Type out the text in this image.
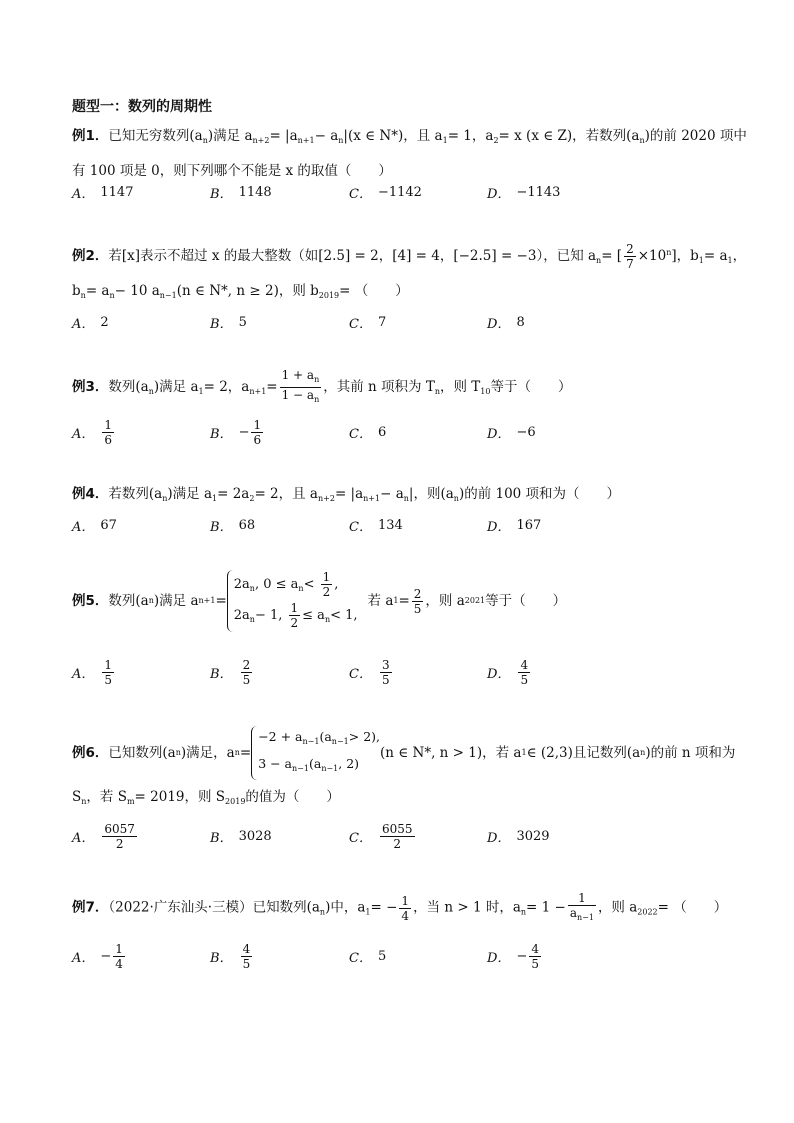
题型一：数列的周期性
例1．已知无穷数列$(a_n)$满足 $a_{n+2}= |a_{n+1}- a_n|(x$ ∈ N*)，且 $a_1= 1$，$a_2= x$ (x ∈ Z)，若数列$(a_n)$的前 2020 项中
有 100 项是 0，则下列哪个不能是 x 的取值（　　）
A． 1147	B． 1148	C． −1142	D． −1143
例2．若[x]表示不超过 x 的最大整数（如[2.5] = 2，[4] = 4，[−2.5] = −3），已知 $a_n=$ [ $\frac{2}{7} \times 10^n$]，$b_1= a_1$，
$b_n= a_n- 10$ $a_{n-1}(n$ ∈ N*, n ≥ 2)，则 $b_{2019}=$ （　　）
A． 2	B． 5	C． 7	D． 8
例3．数列$(a_n)$满足 $a_1= 2$，$a_{n+1}= \frac{1 + a_n}{1 - a_n}$ ，其前 n 项积为 $T_n$，则 $T_{10}$等于（　　）
A． $\frac{1}{6}$	B． − $\frac{1}{6}$	C． 6	D． −6
例4．若数列$(a_n)$满足 $a_1= 2a_2= 2$，且 $a_{n+2}= |a_{n+1}- a_n|$，则$(a_n)$的前 100 项和为（　　）
A． 67	B． 68	C． 134	D． 167
例5． 数列(a n )满足 a n+1 =
$2a_n$, $0 \le a_n< \frac{1}{2}$ ,
$2a_n- 1$, $\frac{1}{2} \le a_n< 1$,
若 a $1 = \frac{2}{5}$ ，则 a 2021 等于（　　）
A． $\frac{1}{5}$	B． $\frac{2}{5}$	C． $\frac{3}{5}$	D． $\frac{4}{5}$
例6． 已知数列(a n )满足，a n =
$-2 + a_{n-1}(a_{n-1}> 2)$,
$3 - a_{n-1}(a_{n-1}$, 2)
(n ∈ N*, n > 1)，若 a 1 ∈ (2,3)且记数列(a n )的前 n 项和为
$S_n$，若 $S_m= 2019$，则 $S_{2019}$的值为（　　）
A． $\frac{6057}{2}$	B． 3028	C． $\frac{6055}{2}$	D． 3029
例7．（2022·广东汕头·三模）已知数列$(a_n)$中，$a_1= - \frac{1}{4}$ ，当 n > 1 时，$a_n= 1 - \frac{1}{a_{n-1}}$ ，则 $a_{2022}=$ （　　）
A． − $\frac{1}{4}$	B． $\frac{4}{5}$	C． 5	D． − $\frac{4}{5}$
